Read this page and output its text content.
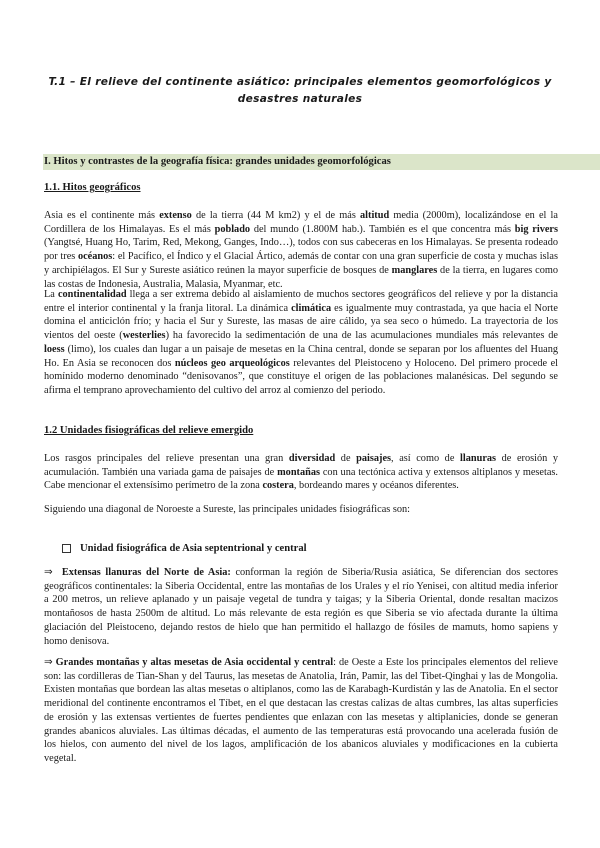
T.1 – El relieve del continente asiático: principales elementos geomorfológicos y desastres naturales
I. Hitos y contrastes de la geografía física: grandes unidades geomorfológicas
1.1. Hitos geográficos
Asia es el continente más extenso de la tierra (44 M km2) y el de más altitud media (2000m), localizándose en el la Cordillera de los Himalayas. Es el más poblado del mundo (1.800M hab.). También es el que concentra más big rivers (Yangtsé, Huang Ho, Tarim, Red, Mekong, Ganges, Indo…), todos con sus cabeceras en los Himalayas. Se presenta rodeado por tres océanos: el Pacífico, el Índico y el Glacial Ártico, además de contar con una gran superficie de costa y muchas islas y archipiélagos. El Sur y Sureste asiático reúnen la mayor superficie de bosques de manglares de la tierra, en lugares como las costas de Indonesia, Australia, Malasia, Myanmar, etc.
La continentalidad llega a ser extrema debido al aislamiento de muchos sectores geográficos del relieve y por la distancia entre el interior continental y la franja litoral. La dinámica climática es igualmente muy contrastada, ya que hacia el Norte domina el anticiclón frío; y hacia el Sur y Sureste, las masas de aire cálido, ya sea seco o húmedo. La trayectoria de los vientos del oeste (westerlies) ha favorecido la sedimentación de una de las acumulaciones mundiales más relevantes de loess (limo), los cuales dan lugar a un paisaje de mesetas en la China central, donde se separan por los afluentes del Huang Ho. En Asia se reconocen dos núcleos geo arqueológicos relevantes del Pleistoceno y Holoceno. Del primero procede el homínido moderno denominado “denisovanos”, que constituye el origen de las poblaciones malanésicas. Del segundo se afirma el temprano aprovechamiento del cultivo del arroz al comienzo del periodo.
1.2 Unidades fisiográficas del relieve emergido
Los rasgos principales del relieve presentan una gran diversidad de paisajes, así como de llanuras de erosión y acumulación. También una variada gama de paisajes de montañas con una tectónica activa y extensos altiplanos y mesetas. Cabe mencionar el extensísimo perímetro de la zona costera, bordeando mares y océanos diferentes.
Siguiendo una diagonal de Noroeste a Sureste, las principales unidades fisiográficas son:
Unidad fisiográfica de Asia septentrional y central
⇒ Extensas llanuras del Norte de Asia: conforman la región de Siberia/Rusia asiática, Se diferencian dos sectores geográficos continentales: la Siberia Occidental, entre las montañas de los Urales y el río Yenisei, con altitud media inferior a 200 metros, un relieve aplanado y un paisaje vegetal de tundra y taigas; y la Siberia Oriental, donde resaltan macizos montañosos de hasta 2500m de altitud. Lo más relevante de esta región es que Siberia se vio afectada durante la última glaciación del Pleistoceno, dejando restos de hielo que han permitido el hallazgo de fósiles de mamuts, homo sapiens y homo denisova.
⇒ Grandes montañas y altas mesetas de Asia occidental y central: de Oeste a Este los principales elementos del relieve son: las cordilleras de Tian-Shan y del Taurus, las mesetas de Anatolia, Irán, Pamir, las del Tibet-Qinghai y las de Mongolia. Existen montañas que bordean las altas mesetas o altiplanos, como las de Karabagh-Kurdistán y las de Anatolia. En el sector meridional del continente encontramos el Tíbet, en el que destacan las crestas calizas de altas cumbres, las altas superficies de erosión y las extensas vertientes de fuertes pendientes que enlazan con las mesetas y altiplanicies, donde se generan grandes abanicos aluviales. Las últimas décadas, el aumento de las temperaturas está provocando una acelerada fusión de los hielos, con aumento del nivel de los lagos, amplificación de los abanicos aluviales y modificaciones en la cubierta vegetal.
